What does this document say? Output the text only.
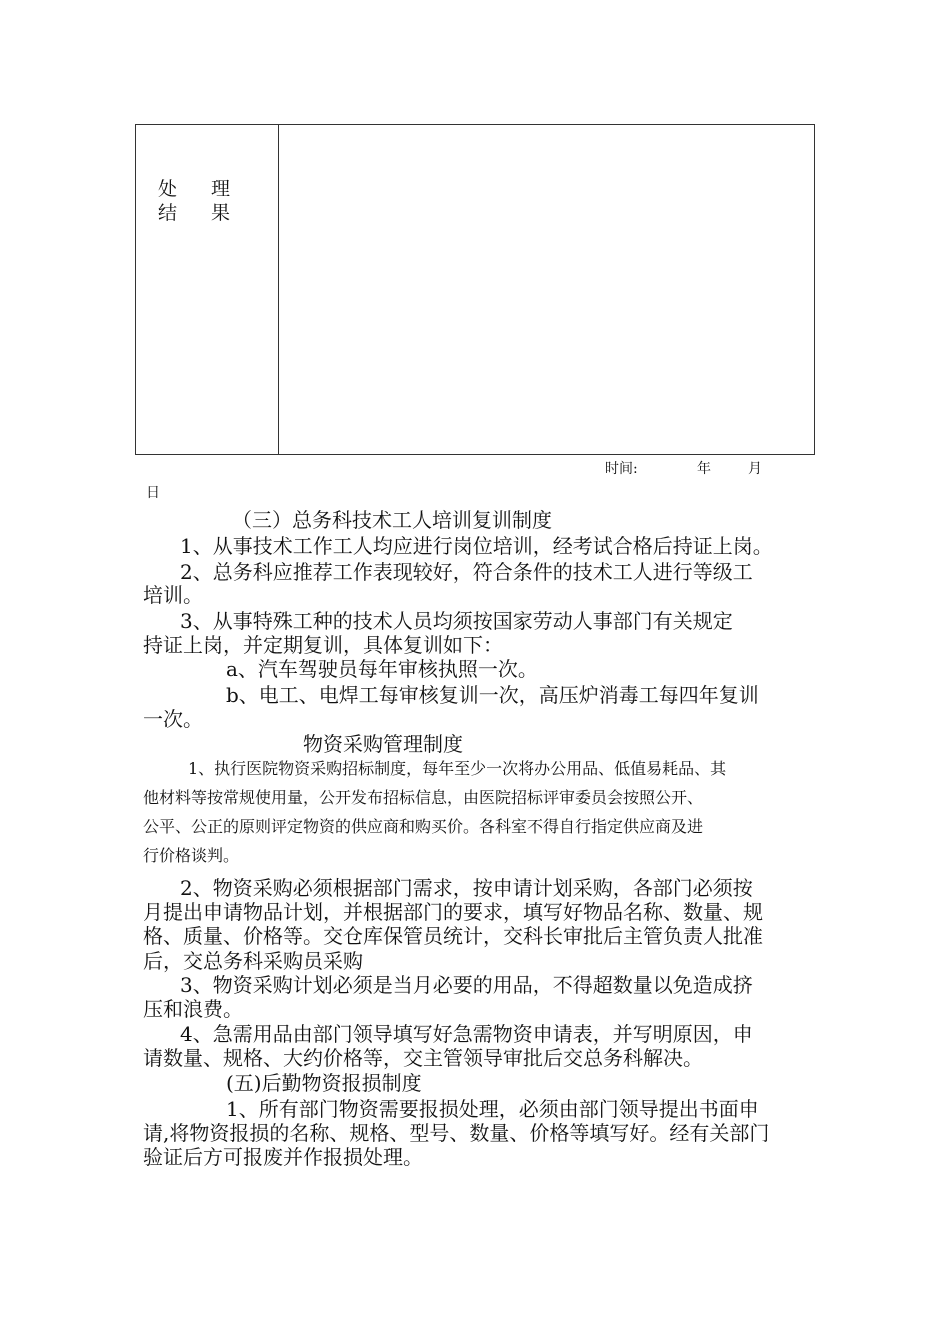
处理
结果
时间:	年	月
日
（三）总务科技术工人培训复训制度
1、从事技术工作工人均应进行岗位培训，经考试合格后持证上岗。
2、总务科应推荐工作表现较好，符合条件的技术工人进行等级工
培训。
3、从事特殊工种的技术人员均须按国家劳动人事部门有关规定
持证上岗，并定期复训，具体复训如下：
a、汽车驾驶员每年审核执照一次。
b、电工、电焊工每审核复训一次，高压炉消毒工每四年复训
一次。
物资采购管理制度
1、执行医院物资采购招标制度，每年至少一次将办公用品、低值易耗品、其
他材料等按常规使用量，公开发布招标信息，由医院招标评审委员会按照公开、
公平、公正的原则评定物资的供应商和购买价。各科室不得自行指定供应商及进
行价格谈判。
2、物资采购必须根据部门需求，按申请计划采购，各部门必须按
月提出申请物品计划，并根据部门的要求，填写好物品名称、数量、规
格、质量、价格等。交仓库保管员统计，交科长审批后主管负责人批准
后，交总务科采购员采购
3、物资采购计划必须是当月必要的用品，不得超数量以免造成挤
压和浪费。
4、急需用品由部门领导填写好急需物资申请表，并写明原因，申
请数量、规格、大约价格等，交主管领导审批后交总务科解决。
(五)后勤物资报损制度
1、所有部门物资需要报损处理，必须由部门领导提出书面申
请,将物资报损的名称、规格、型号、数量、价格等填写好。经有关部门
验证后方可报废并作报损处理。
